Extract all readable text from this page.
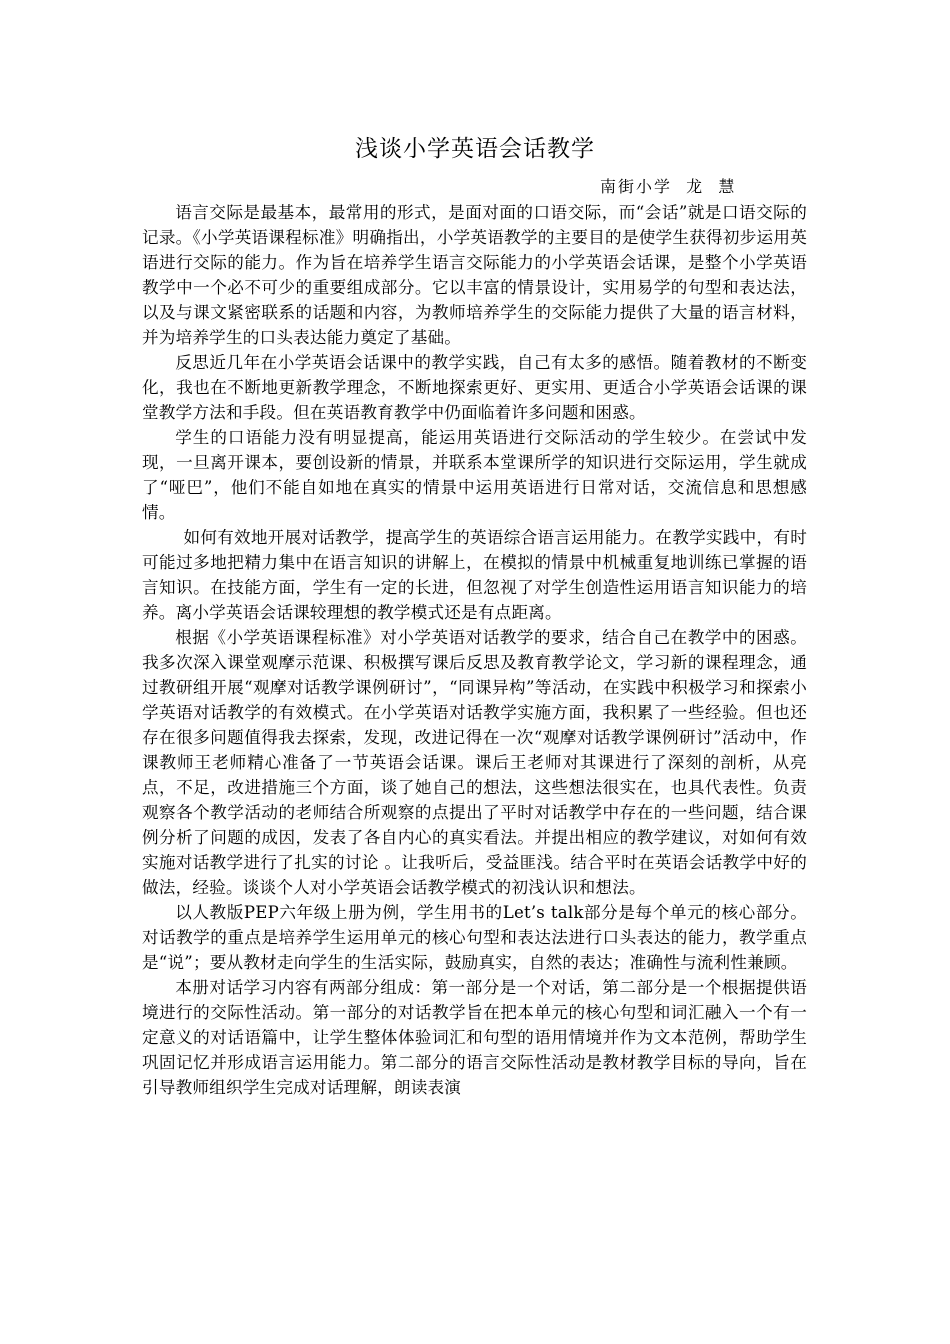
浅谈小学英语会话教学
南街小学  龙  慧

语言交际是最基本，最常用的形式，是面对面的口语交际，而“会话”就是口语交际的记录。《小学英语课程标准》明确指出，小学英语教学的主要目的是使学生获得初步运用英语进行交际的能力。作为旨在培养学生语言交际能力的小学英语会话课，是整个小学英语教学中一个必不可少的重要组成部分。它以丰富的情景设计，实用易学的句型和表达法，以及与课文紧密联系的话题和内容，为教师培养学生的交际能力提供了大量的语言材料，并为培养学生的口头表达能力奠定了基础。

反思近几年在小学英语会话课中的教学实践，自己有太多的感悟。随着教材的不断变化，我也在不断地更新教学理念，不断地探索更好、更实用、更适合小学英语会话课的课堂教学方法和手段。但在英语教育教学中仍面临着许多问题和困惑。

学生的口语能力没有明显提高，能运用英语进行交际活动的学生较少。在尝试中发现，一旦离开课本，要创设新的情景，并联系本堂课所学的知识进行交际运用，学生就成了“哑巴”，他们不能自如地在真实的情景中运用英语进行日常对话，交流信息和思想感情。

如何有效地开展对话教学，提高学生的英语综合语言运用能力。在教学实践中，有时可能过多地把精力集中在语言知识的讲解上，在模拟的情景中机械重复地训练已掌握的语言知识。在技能方面，学生有一定的长进，但忽视了对学生创造性运用语言知识能力的培养。离小学英语会话课较理想的教学模式还是有点距离。

根据《小学英语课程标准》对小学英语对话教学的要求，结合自己在教学中的困惑。我多次深入课堂观摩示范课、积极撰写课后反思及教育教学论文，学习新的课程理念，通过教研组开展“观摩对话教学课例研讨”，“同课异构”等活动，在实践中积极学习和探索小学英语对话教学的有效模式。在小学英语对话教学实施方面，我积累了一些经验。但也还存在很多问题值得我去探索，发现，改进记得在一次“观摩对话教学课例研讨”活动中，作课教师王老师精心准备了一节英语会话课。课后王老师对其课进行了深刻的剖析，从亮点，不足，改进措施三个方面，谈了她自己的想法，这些想法很实在，也具代表性。负责观察各个教学活动的老师结合所观察的点提出了平时对话教学中存在的一些问题，结合课例分析了问题的成因，发表了各自内心的真实看法。并提出相应的教学建议，对如何有效实施对话教学进行了扎实的讨论 。让我听后，受益匪浅。结合平时在英语会话教学中好的做法，经验。谈谈个人对小学英语会话教学模式的初浅认识和想法。

以人教版PEP六年级上册为例，学生用书的Let’s talk部分是每个单元的核心部分。对话教学的重点是培养学生运用单元的核心句型和表达法进行口头表达的能力，教学重点是“说”；要从教材走向学生的生活实际，鼓励真实，自然的表达；准确性与流利性兼顾。

本册对话学习内容有两部分组成：第一部分是一个对话，第二部分是一个根据提供语境进行的交际性活动。第一部分的对话教学旨在把本单元的核心句型和词汇融入一个有一定意义的对话语篇中，让学生整体体验词汇和句型的语用情境并作为文本范例，帮助学生巩固记忆并形成语言运用能力。第二部分的语言交际性活动是教材教学目标的导向，旨在引导教师组织学生完成对话理解，朗读表演
